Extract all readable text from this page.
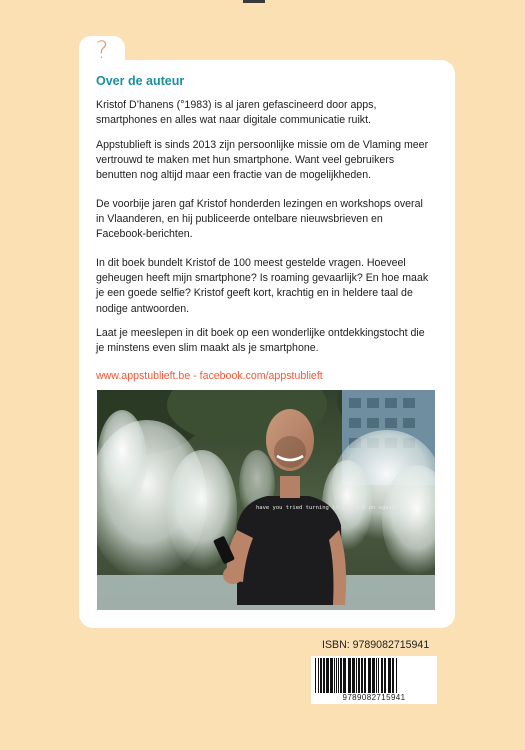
?
Over de auteur

Kristof D’hanens (°1983) is al jaren gefascineerd door apps, smartphones en alles wat naar digitale communicatie ruikt.

Appstublieft is sinds 2013 zijn persoonlijke missie om de Vlaming meer vertrouwd te maken met hun smartphone. Want veel gebruikers benutten nog altijd maar een fractie van de mogelijkheden.

De voorbije jaren gaf Kristof honderden lezingen en workshops overal in Vlaanderen, en hij publiceerde ontelbare nieuwsbrieven en Facebook-berichten.

In dit boek bundelt Kristof de 100 meest gestelde vragen. Hoeveel geheugen heeft mijn smartphone? Is roaming gevaarlijk? En hoe maak je een goede selfie? Kristof geeft kort, krachtig en in heldere taal de nodige antwoorden.

Laat je meeslepen in dit boek op een wonderlijke ontdekkingstocht die je minstens even slim maakt als je smartphone.

www.appstublieft.be - facebook.com/appstublieft

have you tried turning it off and on again?
ISBN: 9789082715941
9789082715941
